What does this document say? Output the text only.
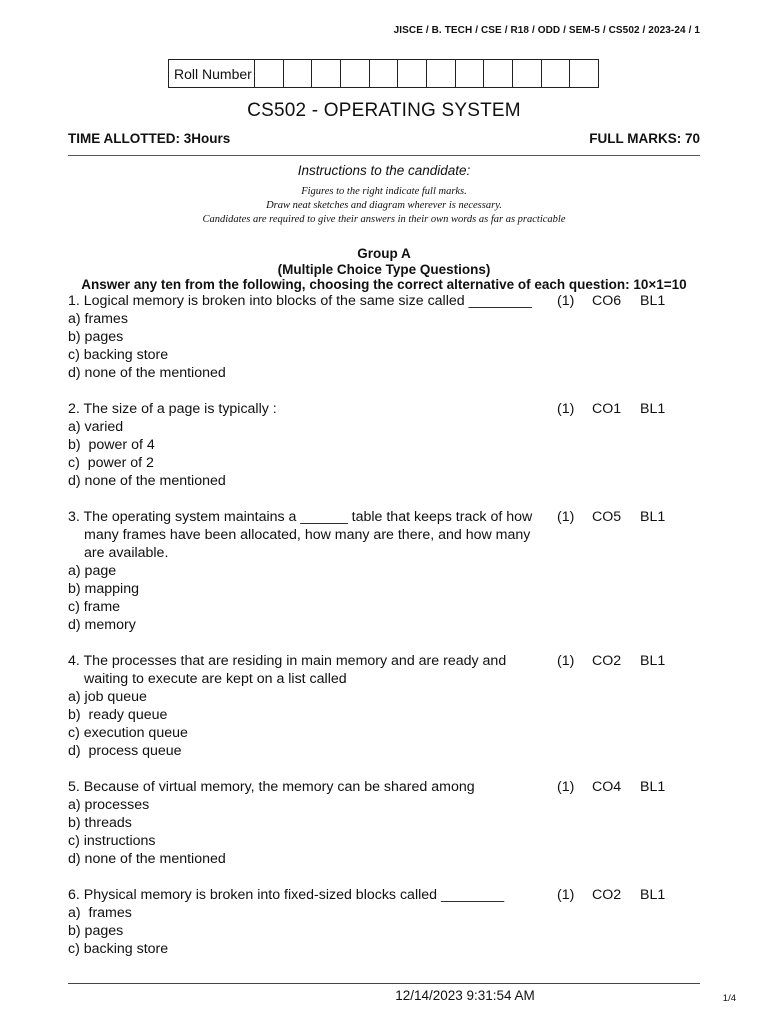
JISCE / B. TECH / CSE / R18 / ODD / SEM-5 / CS502 / 2023-24 / 1
Roll Number
CS502 - OPERATING SYSTEM
TIME ALLOTTED: 3Hours	FULL MARKS: 70
Instructions to the candidate:
Figures to the right indicate full marks.
Draw neat sketches and diagram wherever is necessary.
Candidates are required to give their answers in their own words as far as practicable
Group A
(Multiple Choice Type Questions)
Answer any ten from the following, choosing the correct alternative of each question: 10×1=10
1. Logical memory is broken into blocks of the same size called ________	(1)	CO6	BL1
a) frames
b) pages
c) backing store
d) none of the mentioned
2. The size of a page is typically :	(1)	CO1	BL1
a) varied
b)  power of 4
c)  power of 2
d) none of the mentioned
3. The operating system maintains a ______ table that keeps track of how many frames have been allocated, how many are there, and how many are available.
(1)	CO5	BL1
a) page
b) mapping
c) frame
d) memory
4. The processes that are residing in main memory and are ready and waiting to execute are kept on a list called
(1)	CO2	BL1
a) job queue
b)  ready queue
c) execution queue
d)  process queue
5. Because of virtual memory, the memory can be shared among	(1)	CO4	BL1
a) processes
b) threads
c) instructions
d) none of the mentioned
6. Physical memory is broken into fixed-sized blocks called ________	(1)	CO2	BL1
a)  frames
b) pages
c) backing store
12/14/2023 9:31:54 AM	1/4
